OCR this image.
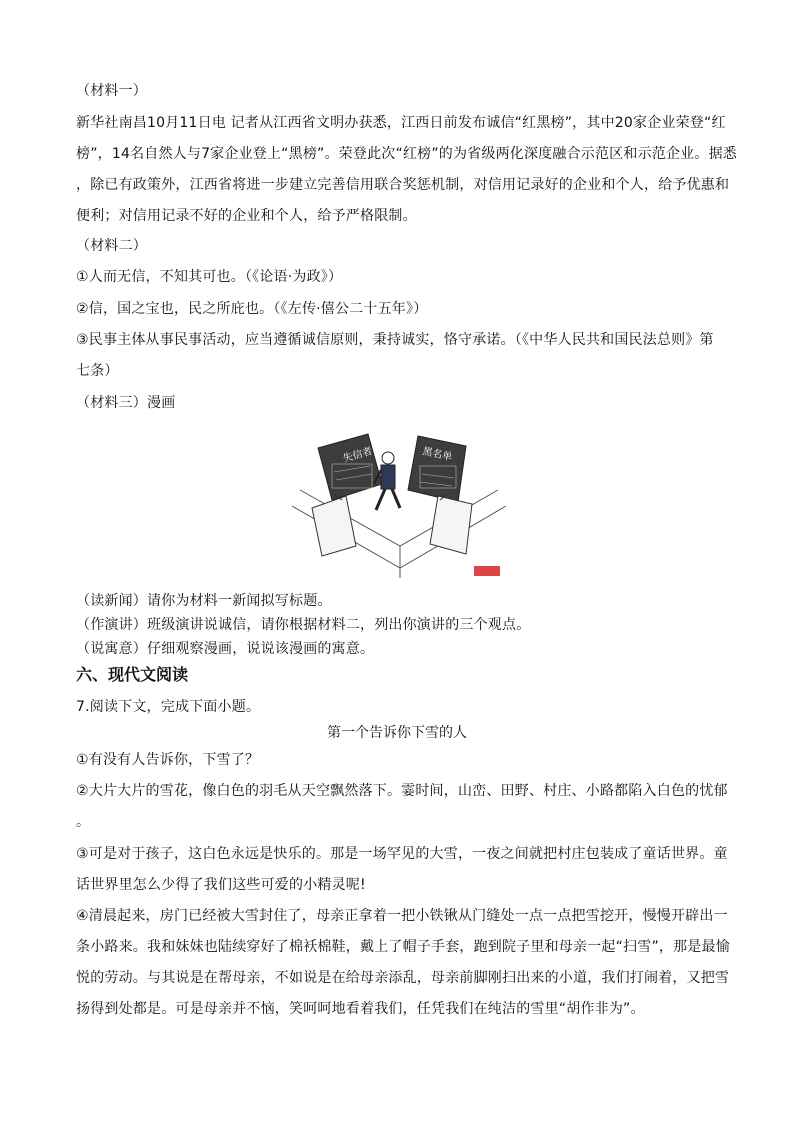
（材料一）
新华社南昌10月11日电 记者从江西省文明办获悉，江西日前发布诚信“红黑榜”，其中20家企业荣登“红
榜”，14名自然人与7家企业登上“黑榜”。荣登此次“红榜”的为省级两化深度融合示范区和示范企业。据悉
，除已有政策外，江西省将进一步建立完善信用联合奖惩机制，对信用记录好的企业和个人，给予优惠和
便利；对信用记录不好的企业和个人，给予严格限制。
（材料二）
①人而无信，不知其可也。（《论语·为政》）
②信，国之宝也，民之所庇也。（《左传·僖公二十五年》）
③民事主体从事民事活动，应当遵循诚信原则，秉持诚实，恪守承诺。（《中华人民共和国民法总则》第
七条）
（材料三）漫画
失信者	黑名单
（读新闻）请你为材料一新闻拟写标题。
（作演讲）班级演讲说诚信，请你根据材料二，列出你演讲的三个观点。
（说寓意）仔细观察漫画，说说该漫画的寓意。
六、现代文阅读
7.阅读下文，完成下面小题。
第一个告诉你下雪的人
①有没有人告诉你，下雪了？
②大片大片的雪花，像白色的羽毛从天空飘然落下。霎时间，山峦、田野、村庄、小路都陷入白色的忧郁
。
③可是对于孩子，这白色永远是快乐的。那是一场罕见的大雪，一夜之间就把村庄包装成了童话世界。童
话世界里怎么少得了我们这些可爱的小精灵呢!
④清晨起来，房门已经被大雪封住了，母亲正拿着一把小铁锹从门缝处一点一点把雪挖开，慢慢开辟出一
条小路来。我和妹妹也陆续穿好了棉袄棉鞋，戴上了帽子手套，跑到院子里和母亲一起“扫雪”，那是最愉
悦的劳动。与其说是在帮母亲，不如说是在给母亲添乱，母亲前脚刚扫出来的小道，我们打闹着，又把雪
扬得到处都是。可是母亲并不恼，笑呵呵地看着我们，任凭我们在纯洁的雪里“胡作非为”。
